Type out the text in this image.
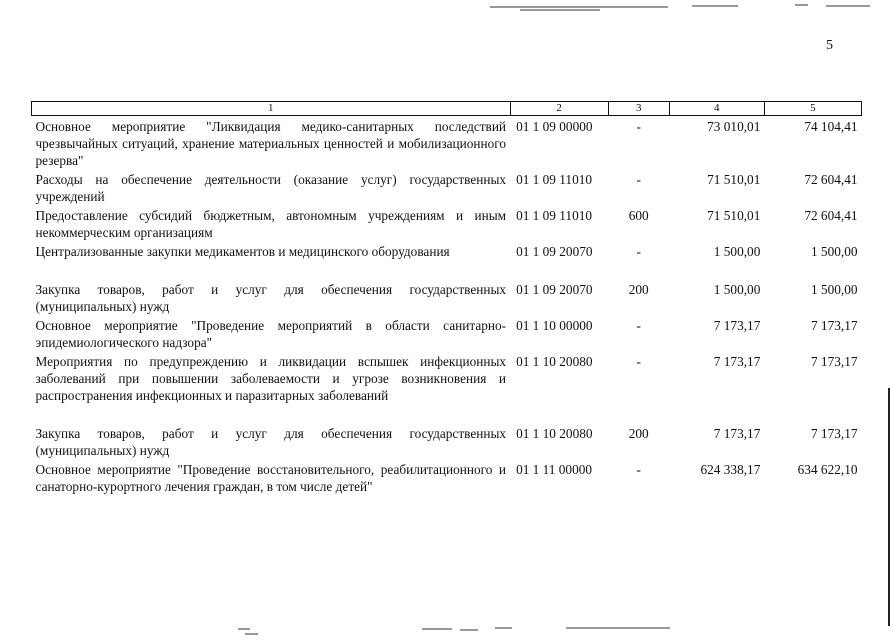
5
1	2	3	4	5
Основное мероприятие "Ликвидация медико-санитарных последствий чрезвычайных ситуаций, хранение материальных ценностей и мобилизационного резерва"	01 1 09 00000	-	73 010,01	74 104,41
Расходы на обеспечение деятельности (оказание услуг) государственных учреждений	01 1 09 11010	-	71 510,01	72 604,41
Предоставление субсидий бюджетным, автономным учреждениям и иным некоммерческим организациям	01 1 09 11010	600	71 510,01	72 604,41
Централизованные закупки медикаментов и медицинского оборудования	01 1 09 20070	-	1 500,00	1 500,00
Закупка товаров, работ и услуг для обеспечения государственных (муниципальных) нужд	01 1 09 20070	200	1 500,00	1 500,00
Основное мероприятие "Проведение мероприятий в области санитарно-эпидемиологического надзора"	01 1 10 00000	-	7 173,17	7 173,17
Мероприятия по предупреждению и ликвидации вспышек инфекционных заболеваний при повышении заболеваемости и угрозе возникновения и распространения инфекционных и паразитарных заболеваний	01 1 10 20080	-	7 173,17	7 173,17
Закупка товаров, работ и услуг для обеспечения государственных (муниципальных) нужд	01 1 10 20080	200	7 173,17	7 173,17
Основное мероприятие "Проведение восстановительного, реабилитационного и санаторно-курортного лечения граждан, в том числе детей"	01 1 11 00000	-	624 338,17	634 622,10
